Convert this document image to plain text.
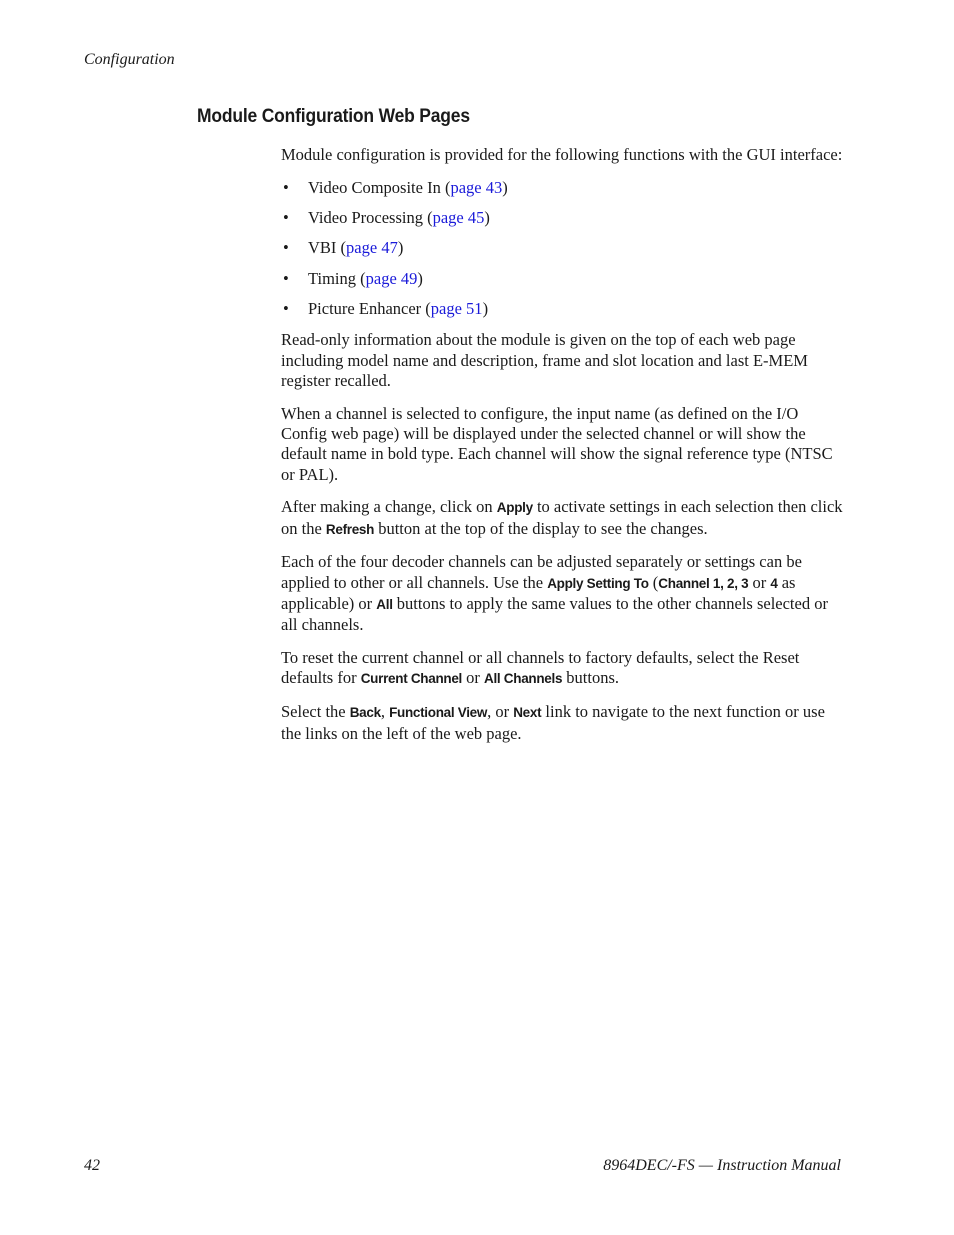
Configuration
Module Configuration Web Pages

Module configuration is provided for the following functions with the GUI interface:

• Video Composite In (page 43)
• Video Processing (page 45)
• VBI (page 47)
• Timing (page 49)
• Picture Enhancer (page 51)

Read-only information about the module is given on the top of each web page including model name and description, frame and slot location and last E-MEM register recalled.

When a channel is selected to configure, the input name (as defined on the I/O Config web page) will be displayed under the selected channel or will show the default name in bold type. Each channel will show the signal reference type (NTSC or PAL).

After making a change, click on Apply to activate settings in each selection then click on the Refresh button at the top of the display to see the changes.

Each of the four decoder channels can be adjusted separately or settings can be applied to other or all channels. Use the Apply Setting To (Channel 1, 2, 3 or 4 as applicable) or All buttons to apply the same values to the other channels selected or all channels.

To reset the current channel or all channels to factory defaults, select the Reset defaults for Current Channel or All Channels buttons.

Select the Back, Functional View, or Next link to navigate to the next function or use the links on the left of the web page.

42	8964DEC/-FS — Instruction Manual
